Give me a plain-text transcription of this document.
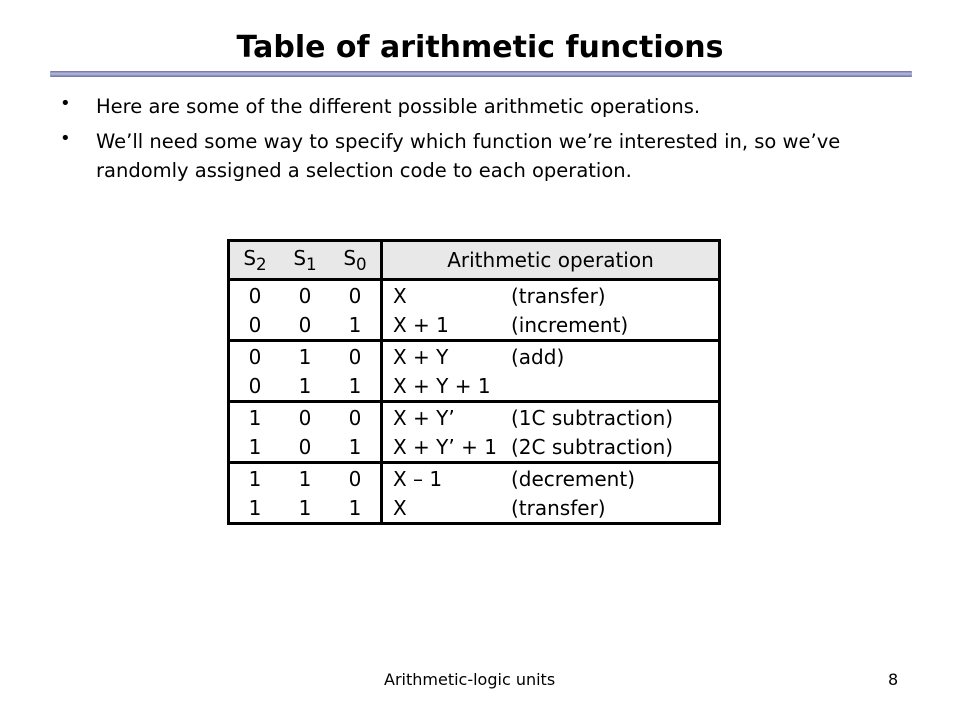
Table of arithmetic functions
• Here are some of the different possible arithmetic operations.
• We’ll need some way to specify which function we’re interested in, so we’ve randomly assigned a selection code to each operation.
$S_2$	$S_1$	$S_0$	Arithmetic operation	
0	0	0	X	(transfer)
0	0	1	X + 1	(increment)
0	1	0	X + Y	(add)
0	1	1	X + Y + 1	
1	0	0	X + Y’	(1C subtraction)
1	0	1	X + Y’ + 1	(2C subtraction)
1	1	0	X – 1	(decrement)
1	1	1	X	(transfer)
Arithmetic-logic units	8
